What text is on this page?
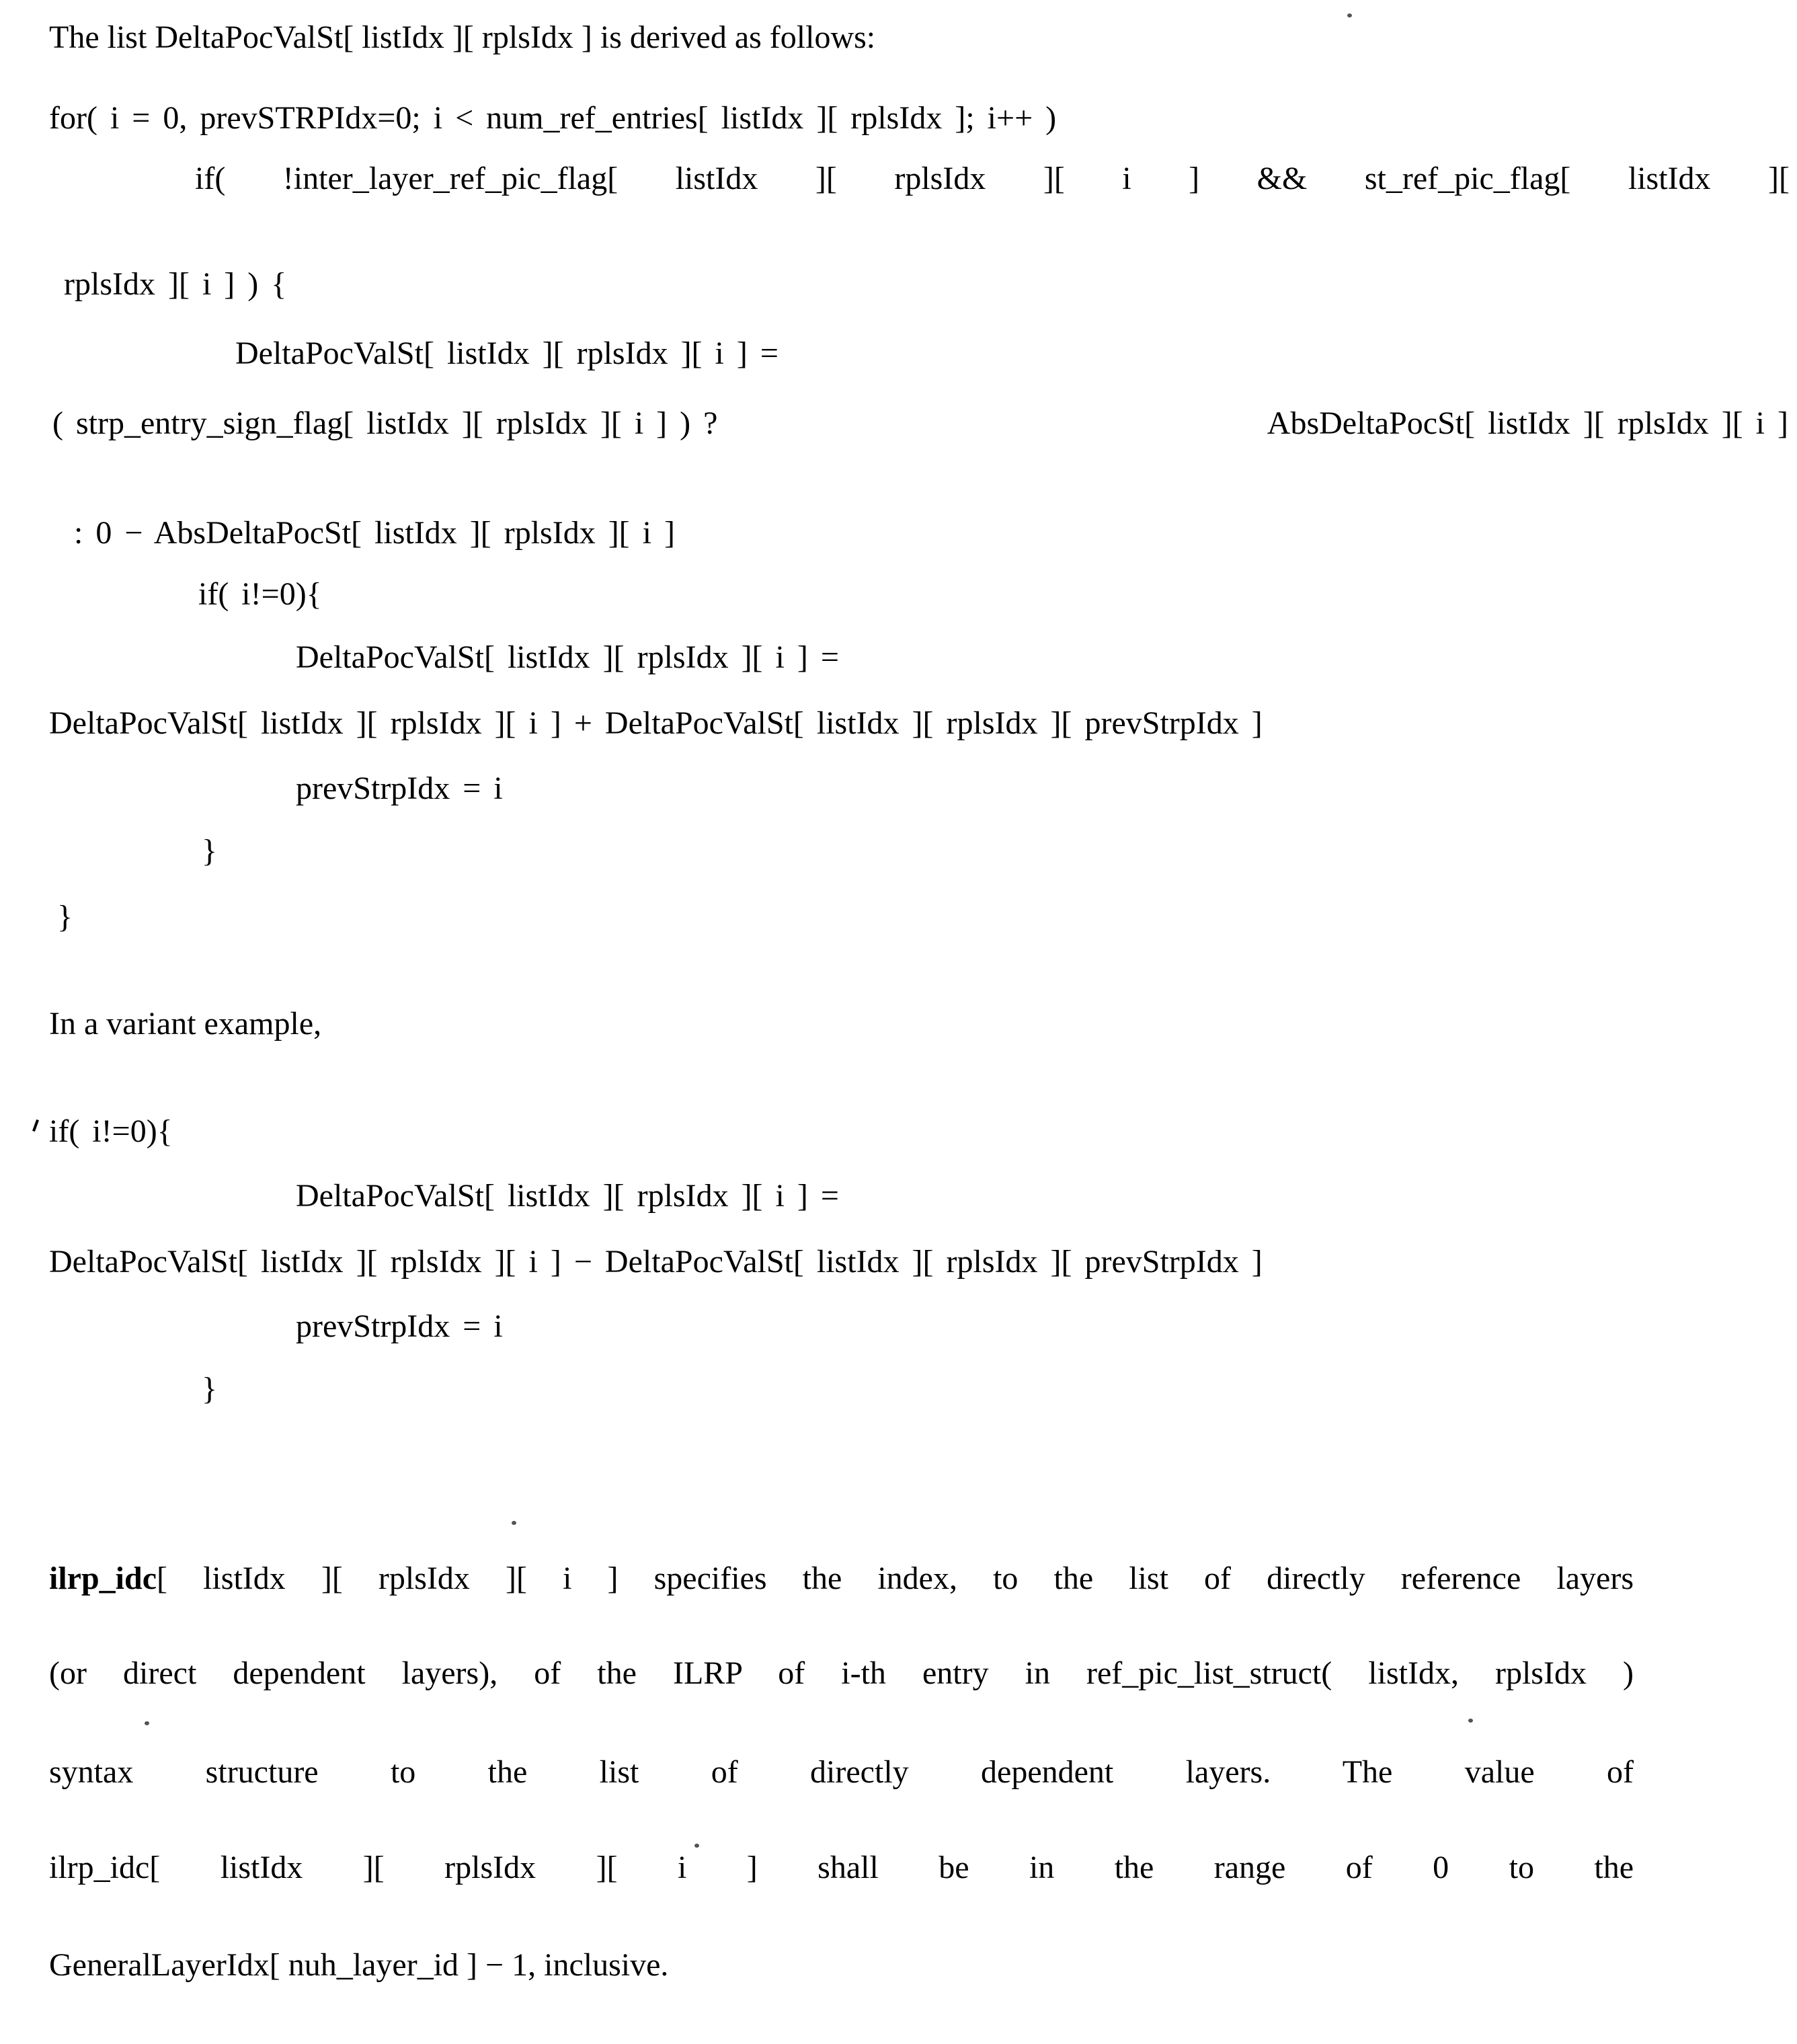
The list DeltaPocValSt[ listIdx ][ rplsIdx ] is derived as follows:
for( i = 0, prevSTRPIdx=0; i < num_ref_entries[ listIdx ][ rplsIdx ]; i++ )
if( !inter_layer_ref_pic_flag[ listIdx ][ rplsIdx ][ i ] && st_ref_pic_flag[ listIdx ][
rplsIdx ][ i ] ) {
DeltaPocValSt[ listIdx ][ rplsIdx ][ i ] =
( strp_entry_sign_flag[ listIdx ][ rplsIdx ][ i ] ) ?	AbsDeltaPocSt[ listIdx ][ rplsIdx ][ i ]
: 0 − AbsDeltaPocSt[ listIdx ][ rplsIdx ][ i ]
if( i!=0){
DeltaPocValSt[ listIdx ][ rplsIdx ][ i ] =
DeltaPocValSt[ listIdx ][ rplsIdx ][ i ] + DeltaPocValSt[ listIdx ][ rplsIdx ][ prevStrpIdx ]
prevStrpIdx = i
}
}
In a variant example,
if( i!=0){
DeltaPocValSt[ listIdx ][ rplsIdx ][ i ] =
DeltaPocValSt[ listIdx ][ rplsIdx ][ i ] − DeltaPocValSt[ listIdx ][ rplsIdx ][ prevStrpIdx ]
prevStrpIdx = i
}
ilrp_idc[ listIdx ][ rplsIdx ][ i ] specifies the index, to the list of directly reference layers
(or direct dependent layers), of the ILRP of i-th entry in ref_pic_list_struct( listIdx, rplsIdx )
syntax structure to the list of directly dependent layers. The value of
ilrp_idc[ listIdx ][ rplsIdx ][ i ] shall be in the range of 0 to the
GeneralLayerIdx[ nuh_layer_id ] − 1, inclusive.
